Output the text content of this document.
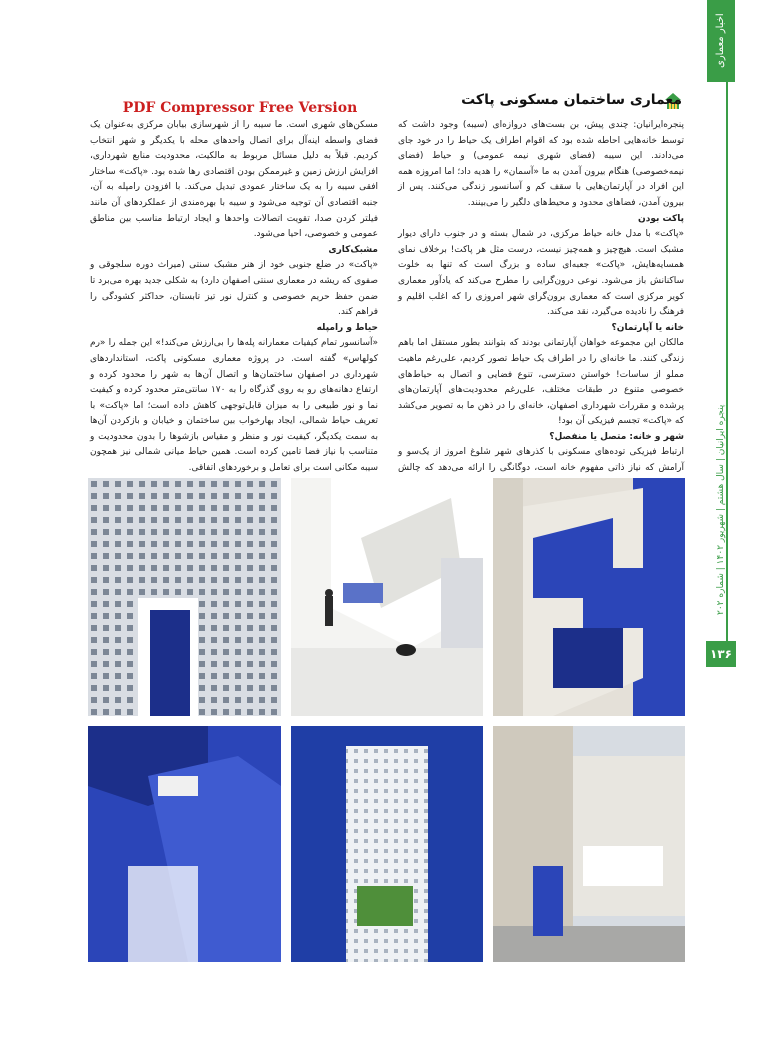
اخبار معماری
پنجره ایرانیان | سال هشتم | شهریور ۱۴۰۲ | شماره ۲۰۲
۱۳۶
PDF Compressor Free Version	معماری ساختمان مسکونی پاکت

پنجره‌ایرانیان: چندی پیش، بن بست‌های دروازه‌ای (سیبه) وجود داشت که توسط خانه‌هایی احاطه شده بود که اقوام اطراف یک حیاط را در خود جای می‌دادند. این سیبه (فضای شهری نیمه عمومی) و حیاط (فضای نیمه‌خصوصی) هنگام بیرون آمدن به ما «آسمان» را هدیه داد؛ اما امروزه همه این افراد در آپارتمان‌هایی با سقف کم و آسانسور زندگی می‌کنند. پس از بیرون آمدن، فضاهای محدود و محیط‌های دلگیر را می‌بینند.

پاکت بودن

«پاکت» با مدل خانه حیاط مرکزی، در شمال بسته و در جنوب دارای دیوار مشبک است. هیچ‌چیز و همه‌چیز نیست، درست مثل هر پاکت! برخلاف نمای همسایه‌هایش، «پاکت» جعبه‌ای ساده و بزرگ است که تنها به خلوت ساکنانش باز می‌شود. نوعی درون‌گرایی را مطرح می‌کند که یادآور معماری کویر مرکزی است که معماری برون‌گرای شهر امروزی را که اغلب اقلیم و فرهنگ را نادیده می‌گیرد، نقد می‌کند.

خانه یا آپارتمان؟

مالکان این مجموعه خواهان آپارتمانی بودند که بتوانند بطور مستقل اما باهم زندگی کنند. ما خانه‌ای را در اطراف یک حیاط تصور کردیم، علی‌رغم ماهیت مملو از ساسات! خواستن دسترسی، تنوع فضایی و اتصال به حیاط‌های خصوصی متنوع در طبقات مختلف، علی‌رغم محدودیت‌های آپارتمان‌های پرشده و مقررات شهرداری اصفهان، خانه‌ای را در ذهن ما به تصویر می‌کشد که «پاکت» تجسم فیزیکی آن بود!

شهر و خانه: متصل یا منفصل؟

ارتباط فیزیکی توده‌های مسکونی با کذرهای شهر شلوغ امروز از یک‌سو و آرامش که نیاز ذاتی مفهوم خانه است، دوگانگی را ارائه می‌دهد که چالش

مسکن‌های شهری است. ما سیبه را از شهرسازی بیابان مرکزی به‌عنوان یک فضای واسطه اینه‌آل برای اتصال واحدهای محله با یکدیگر و شهر انتخاب کردیم. قبلاً به دلیل مسائل مربوط به مالکیت، محدودیت منابع شهرداری، افزایش ارزش زمین و غیرممکن بودن اقتصادی رها شده بود. «پاکت» ساختار افقی سیبه را به یک ساختار عمودی تبدیل می‌کند. با افزودن رامپله به آن، جنبه اقتصادی آن توجیه می‌شود و سیبه با بهره‌مندی از عملکردهای آن مانند فیلتر کردن صدا، تقویت اتصالات واحدها و ایجاد ارتباط مناسب بین مناطق عمومی و خصوصی، احیا می‌شود.

مشبک‌کاری

«پاکت» در ضلع جنوبی خود از هنر مشبک سنتی (میراث دوره سلجوقی و صفوی که ریشه در معماری سنتی اصفهان دارد) به شکلی جدید بهره می‌برد تا ضمن حفظ حریم خصوصی و کنترل نور تیز تابستان، حداکثر کشودگی را فراهم کند.

حیاط و رامپله

«آسانسور تمام کیفیات معمارانه پله‌ها را بی‌ارزش می‌کند!» این جمله را «رم کولهاس» گفته است. در پروژه معماری مسکونی پاکت، استانداردهای شهرداری در اصفهان ساختمان‌ها و اتصال آن‌ها به شهر را محدود کرده و ارتفاع دهانه‌های رو به روی گذرگاه را به ۱۷۰ سانتی‌متر محدود کرده و کیفیت نما و نور طبیعی را به میزان قابل‌توجهی کاهش داده است؛ اما «پاکت» با تعریف حیاط شمالی، ایجاد بهارخواب بین ساختمان و خیابان و بازکردن آن‌ها به سمت یکدیگر، کیفیت نور و منظر و مقیاس بازشوها را بدون محدودیت و متناسب با نیاز فضا تامین کرده است. همین حیاط میانی شمالی نیز همچون سیبه مکانی است برای تعامل و برخوردهای اتفاقی.
